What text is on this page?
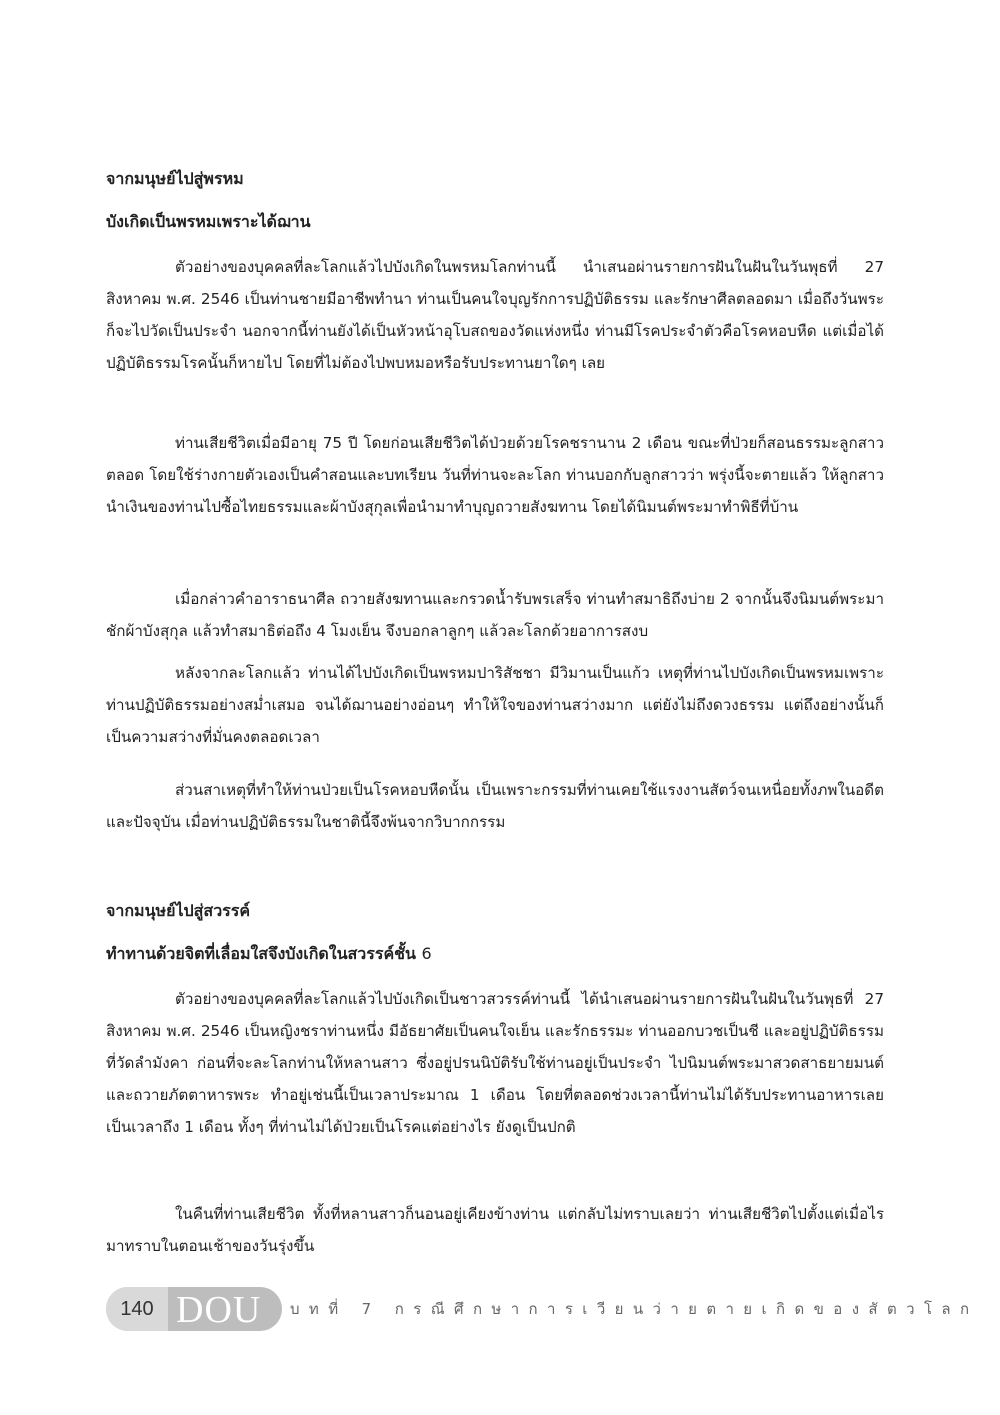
จากมนุษย์ไปสู่พรหม
บังเกิดเป็นพรหมเพราะได้ฌาน

ตัวอย่างของบุคคลที่ละโลกแล้วไปบังเกิดในพรหมโลกท่านนี้ นำเสนอผ่านรายการฝันในฝันในวันพุธที่ 27 สิงหาคม พ.ศ. 2546 เป็นท่านชายมีอาชีพทำนา ท่านเป็นคนใจบุญรักการปฏิบัติธรรม และรักษาศีลตลอดมา เมื่อถึงวันพระก็จะไปวัดเป็นประจำ นอกจากนี้ท่านยังได้เป็นหัวหน้าอุโบสถของวัดแห่งหนึ่ง ท่านมีโรคประจำตัวคือโรคหอบหืด แต่เมื่อได้ปฏิบัติธรรมโรคนั้นก็หายไป โดยที่ไม่ต้องไปพบหมอหรือรับประทานยาใดๆ เลย

ท่านเสียชีวิตเมื่อมีอายุ 75 ปี โดยก่อนเสียชีวิตได้ป่วยด้วยโรคชรานาน 2 เดือน ขณะที่ป่วยก็สอนธรรมะลูกสาวตลอด โดยใช้ร่างกายตัวเองเป็นคำสอนและบทเรียน วันที่ท่านจะละโลก ท่านบอกกับลูกสาวว่า พรุ่งนี้จะตายแล้ว ให้ลูกสาวนำเงินของท่านไปซื้อไทยธรรมและผ้าบังสุกุลเพื่อนำมาทำบุญถวายสังฆทาน โดยได้นิมนต์พระมาทำพิธีที่บ้าน

เมื่อกล่าวคำอาราธนาศีล ถวายสังฆทานและกรวดน้ำรับพรเสร็จ ท่านทำสมาธิถึงบ่าย 2 จากนั้นจึงนิมนต์พระมาชักผ้าบังสุกุล แล้วทำสมาธิต่อถึง 4 โมงเย็น จึงบอกลาลูกๆ แล้วละโลกด้วยอาการสงบ

หลังจากละโลกแล้ว ท่านได้ไปบังเกิดเป็นพรหมปาริสัชชา มีวิมานเป็นแก้ว เหตุที่ท่านไปบังเกิดเป็นพรหมเพราะท่านปฏิบัติธรรมอย่างสม่ำเสมอ จนได้ฌานอย่างอ่อนๆ ทำให้ใจของท่านสว่างมาก แต่ยังไม่ถึงดวงธรรม แต่ถึงอย่างนั้นก็เป็นความสว่างที่มั่นคงตลอดเวลา

ส่วนสาเหตุที่ทำให้ท่านป่วยเป็นโรคหอบหืดนั้น เป็นเพราะกรรมที่ท่านเคยใช้แรงงานสัตว์จนเหนื่อยทั้งภพในอดีตและปัจจุบัน เมื่อท่านปฏิบัติธรรมในชาตินี้จึงพ้นจากวิบากกรรม

จากมนุษย์ไปสู่สวรรค์
ทำทานด้วยจิตที่เลื่อมใสจึงบังเกิดในสวรรค์ชั้น 6

ตัวอย่างของบุคคลที่ละโลกแล้วไปบังเกิดเป็นชาวสวรรค์ท่านนี้ ได้นำเสนอผ่านรายการฝันในฝันในวันพุธที่ 27 สิงหาคม พ.ศ. 2546 เป็นหญิงชราท่านหนึ่ง มีอัธยาศัยเป็นคนใจเย็น และรักธรรมะ ท่านออกบวชเป็นชี และอยู่ปฏิบัติธรรมที่วัดลำมังคา ก่อนที่จะละโลกท่านให้หลานสาว ซึ่งอยู่ปรนนิบัติรับใช้ท่านอยู่เป็นประจำ ไปนิมนต์พระมาสวดสาธยายมนต์และถวายภัตตาหารพระ ทำอยู่เช่นนี้เป็นเวลาประมาณ 1 เดือน โดยที่ตลอดช่วงเวลานี้ท่านไม่ได้รับประทานอาหารเลยเป็นเวลาถึง 1 เดือน ทั้งๆ ที่ท่านไม่ได้ป่วยเป็นโรคแต่อย่างไร ยังดูเป็นปกติ

ในคืนที่ท่านเสียชีวิต ทั้งที่หลานสาวก็นอนอยู่เคียงข้างท่าน แต่กลับไม่ทราบเลยว่า ท่านเสียชีวิตไปตั้งแต่เมื่อไร มาทราบในตอนเช้าของวันรุ่งขึ้น

140 DOU บทที่ 7 กรณีศึกษาการเวียนว่ายตายเกิดของสัตวโลก
